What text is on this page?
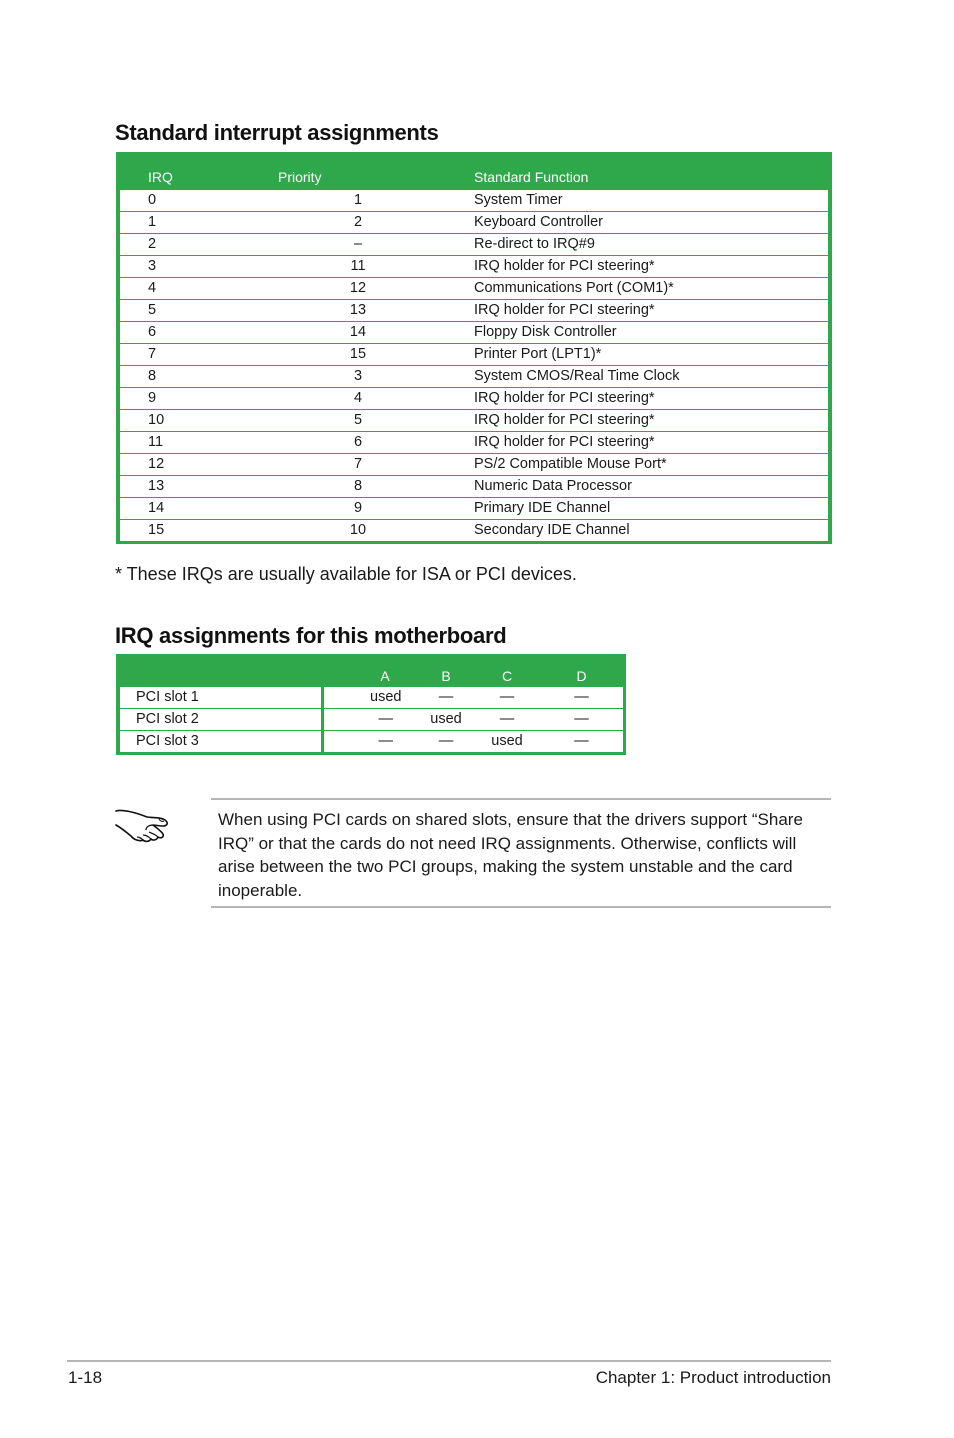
Standard interrupt assignments
IRQ	Priority	Standard Function
0	1	System Timer
1	2	Keyboard Controller
2	–	Re-direct to IRQ#9
3	11	IRQ holder for PCI steering*
4	12	Communications Port (COM1)*
5	13	IRQ holder for PCI steering*
6	14	Floppy Disk Controller
7	15	Printer Port (LPT1)*
8	3	System CMOS/Real Time Clock
9	4	IRQ holder for PCI steering*
10	5	IRQ holder for PCI steering*
11	6	IRQ holder for PCI steering*
12	7	PS/2 Compatible Mouse Port*
13	8	Numeric Data Processor
14	9	Primary IDE Channel
15	10	Secondary IDE Channel

* These IRQs are usually available for ISA or PCI devices.

IRQ assignments for this motherboard
	A	B	C	D
PCI slot 1	used	—	—	—
PCI slot 2	—	used	—	—
PCI slot 3	—	—	used	—

When using PCI cards on shared slots, ensure that the drivers support “Share IRQ” or that the cards do not need IRQ assignments. Otherwise, conflicts will arise between the two PCI groups, making the system unstable and the card inoperable.

1-18	Chapter 1: Product introduction
